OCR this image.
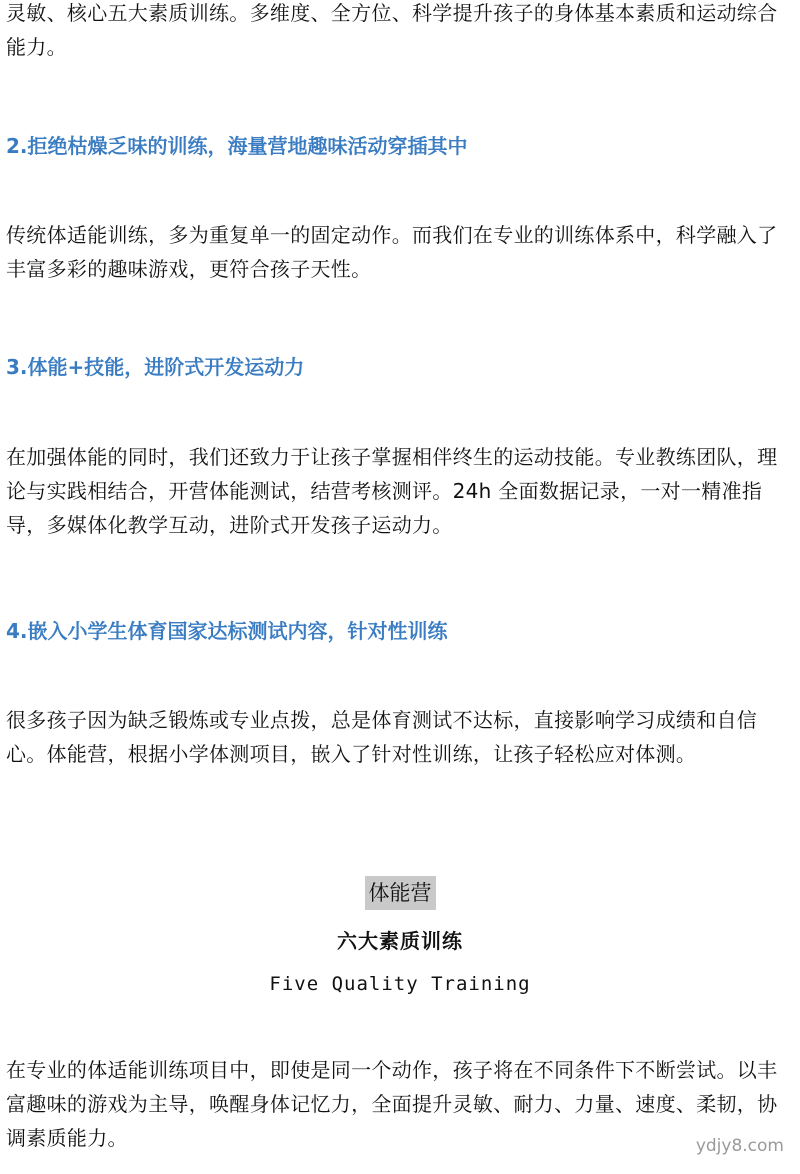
灵敏、核心五大素质训练。多维度、全方位、科学提升孩子的身体基本素质和运动综合能力。

2.拒绝枯燥乏味的训练，海量营地趣味活动穿插其中

传统体适能训练，多为重复单一的固定动作。而我们在专业的训练体系中，科学融入了丰富多彩的趣味游戏，更符合孩子天性。

3.体能+技能，进阶式开发运动力

在加强体能的同时，我们还致力于让孩子掌握相伴终生的运动技能。专业教练团队，理论与实践相结合，开营体能测试，结营考核测评。24h 全面数据记录，一对一精准指导，多媒体化教学互动，进阶式开发孩子运动力。

4.嵌入小学生体育国家达标测试内容，针对性训练

很多孩子因为缺乏锻炼或专业点拨，总是体育测试不达标，直接影响学习成绩和自信心。体能营，根据小学体测项目，嵌入了针对性训练，让孩子轻松应对体测。

体能营

六大素质训练

Five Quality Training

在专业的体适能训练项目中，即使是同一个动作，孩子将在不同条件下不断尝试。以丰富趣味的游戏为主导，唤醒身体记忆力，全面提升灵敏、耐力、力量、速度、柔韧，协调素质能力。	ydjy8.com
